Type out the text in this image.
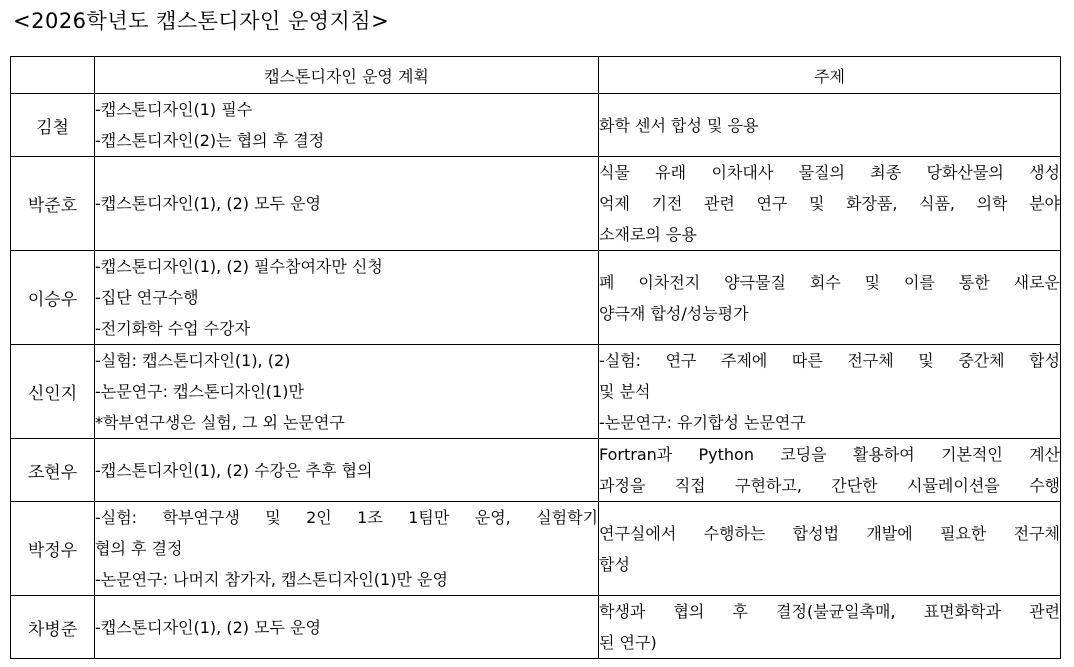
<2026학년도 캡스톤디자인 운영지침>
	캡스톤디자인 운영 계획	주제
김철	-캡스톤디자인(1) 필수
-캡스톤디자인(2)는 협의 후 결정	화학 센서 합성 및 응용

박준호	-캡스톤디자인(1), (2) 모두 운영	식물 유래 이차대사 물질의 최종 당화산물의 생성
억제 기전 관련 연구 및 화장품, 식품, 의학 분야
소재로의 응용

이승우	-캡스톤디자인(1), (2) 필수참여자만 신청
-집단 연구수행
-전기화학 수업 수강자	폐 이차전지 양극물질 회수 및 이를 통한 새로운
양극재 합성/성능평가

신인지	-실험: 캡스톤디자인(1), (2)
-논문연구: 캡스톤디자인(1)만
*학부연구생은 실험, 그 외 논문연구	-실험: 연구 주제에 따른 전구체 및 중간체 합성
및 분석
-논문연구: 유기합성 논문연구

조현우	-캡스톤디자인(1), (2) 수강은 추후 협의	Fortran과 Python 코딩을 활용하여 기본적인 계산
과정을 직접 구현하고, 간단한 시뮬레이션을 수행

박정우	-실험: 학부연구생 및 2인 1조 1팀만 운영, 실험학기
협의 후 결정
-논문연구: 나머지 참가자, 캡스톤디자인(1)만 운영	연구실에서 수행하는 합성법 개발에 필요한 전구체
합성

차병준	-캡스톤디자인(1), (2) 모두 운영	학생과 협의 후 결정(불균일촉매, 표면화학과 관련
된 연구)
